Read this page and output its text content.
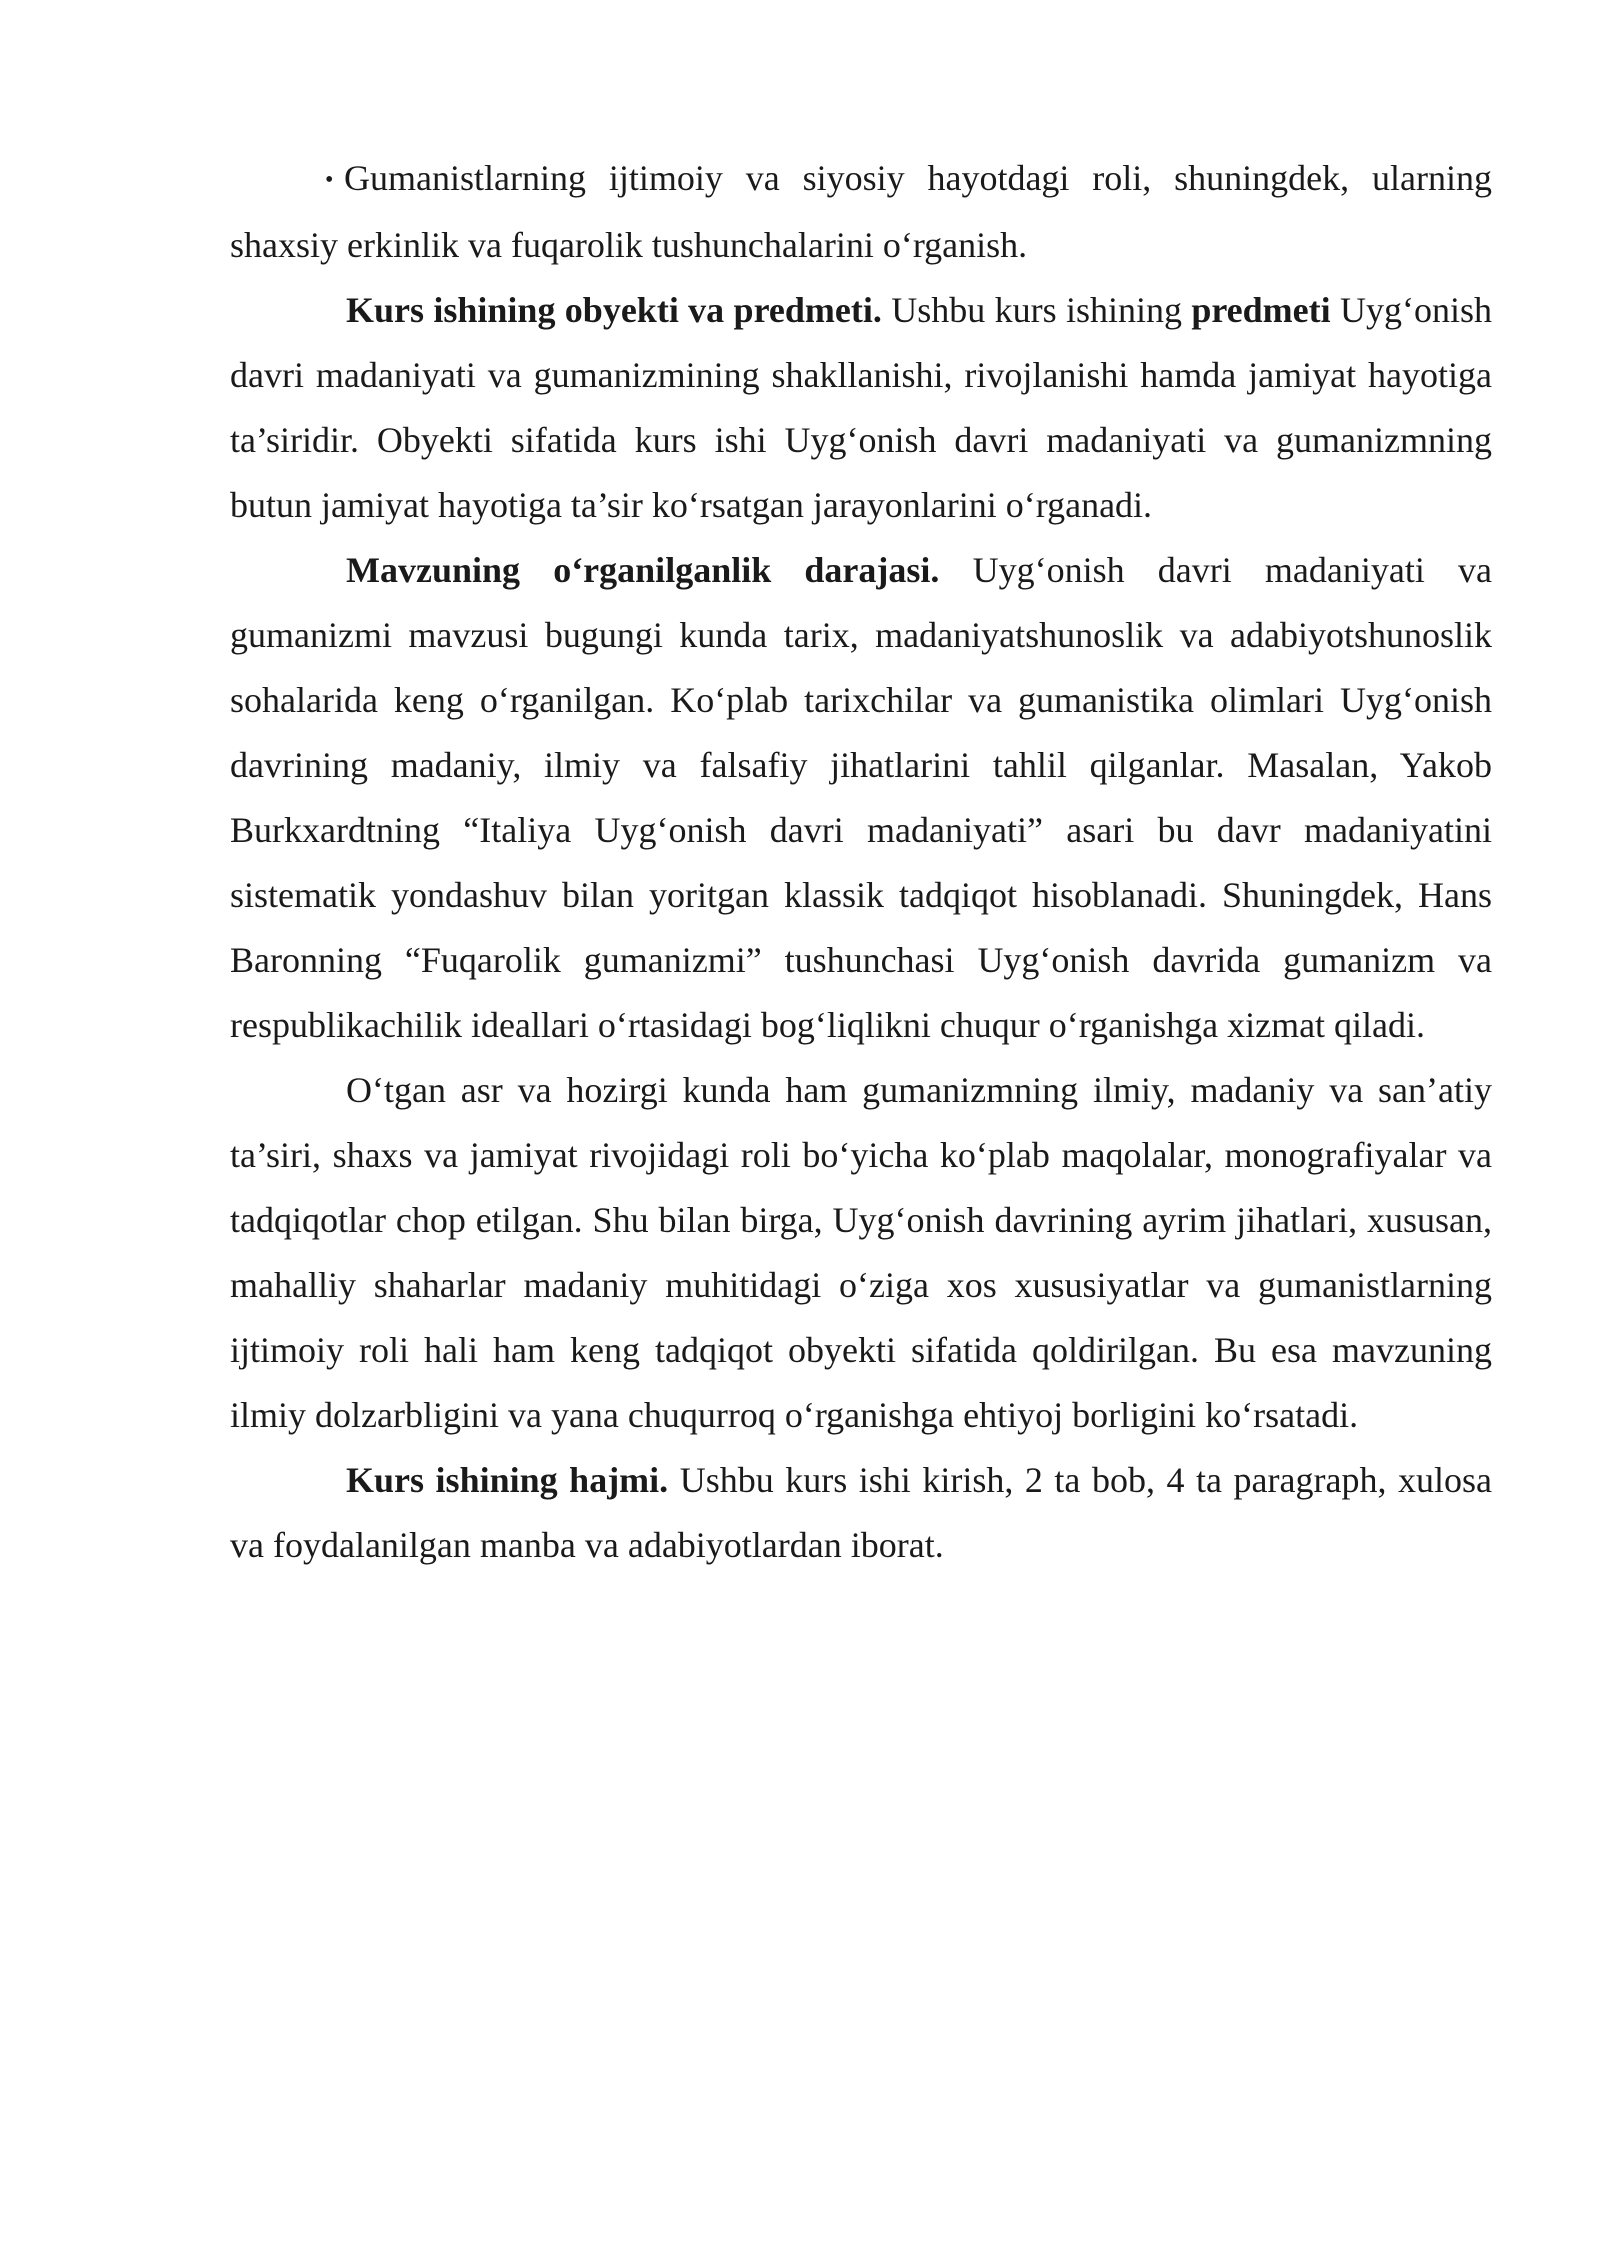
• Gumanistlarning ijtimoiy va siyosiy hayotdagi roli, shuningdek, ularning shaxsiy erkinlik va fuqarolik tushunchalarini o‘rganish.

Kurs ishining obyekti va predmeti. Ushbu kurs ishining predmeti Uyg‘onish davri madaniyati va gumanizmining shakllanishi, rivojlanishi hamda jamiyat hayotiga ta’siridir. Obyekti sifatida kurs ishi Uyg‘onish davri madaniyati va gumanizmning butun jamiyat hayotiga ta’sir ko‘rsatgan jarayonlarini o‘rganadi.

Mavzuning o‘rganilganlik darajasi. Uyg‘onish davri madaniyati va gumanizmi mavzusi bugungi kunda tarix, madaniyatshunoslik va adabiyotshunoslik sohalarida keng o‘rganilgan. Ko‘plab tarixchilar va gumanistika olimlari Uyg‘onish davrining madaniy, ilmiy va falsafiy jihatlarini tahlil qilganlar. Masalan, Yakob Burkxardtning “Italiya Uyg‘onish davri madaniyati” asari bu davr madaniyatini sistematik yondashuv bilan yoritgan klassik tadqiqot hisoblanadi. Shuningdek, Hans Baronning “Fuqarolik gumanizmi” tushunchasi Uyg‘onish davrida gumanizm va respublikachilik ideallari o‘rtasidagi bog‘liqlikni chuqur o‘rganishga xizmat qiladi.

O‘tgan asr va hozirgi kunda ham gumanizmning ilmiy, madaniy va san’atiy ta’siri, shaxs va jamiyat rivojidagi roli bo‘yicha ko‘plab maqolalar, monografiyalar va tadqiqotlar chop etilgan. Shu bilan birga, Uyg‘onish davrining ayrim jihatlari, xususan, mahalliy shaharlar madaniy muhitidagi o‘ziga xos xususiyatlar va gumanistlarning ijtimoiy roli hali ham keng tadqiqot obyekti sifatida qoldirilgan. Bu esa mavzuning ilmiy dolzarbligini va yana chuqurroq o‘rganishga ehtiyoj borligini ko‘rsatadi.

Kurs ishining hajmi. Ushbu kurs ishi kirish, 2 ta bob, 4 ta paragraph, xulosa va foydalanilgan manba va adabiyotlardan iborat.
